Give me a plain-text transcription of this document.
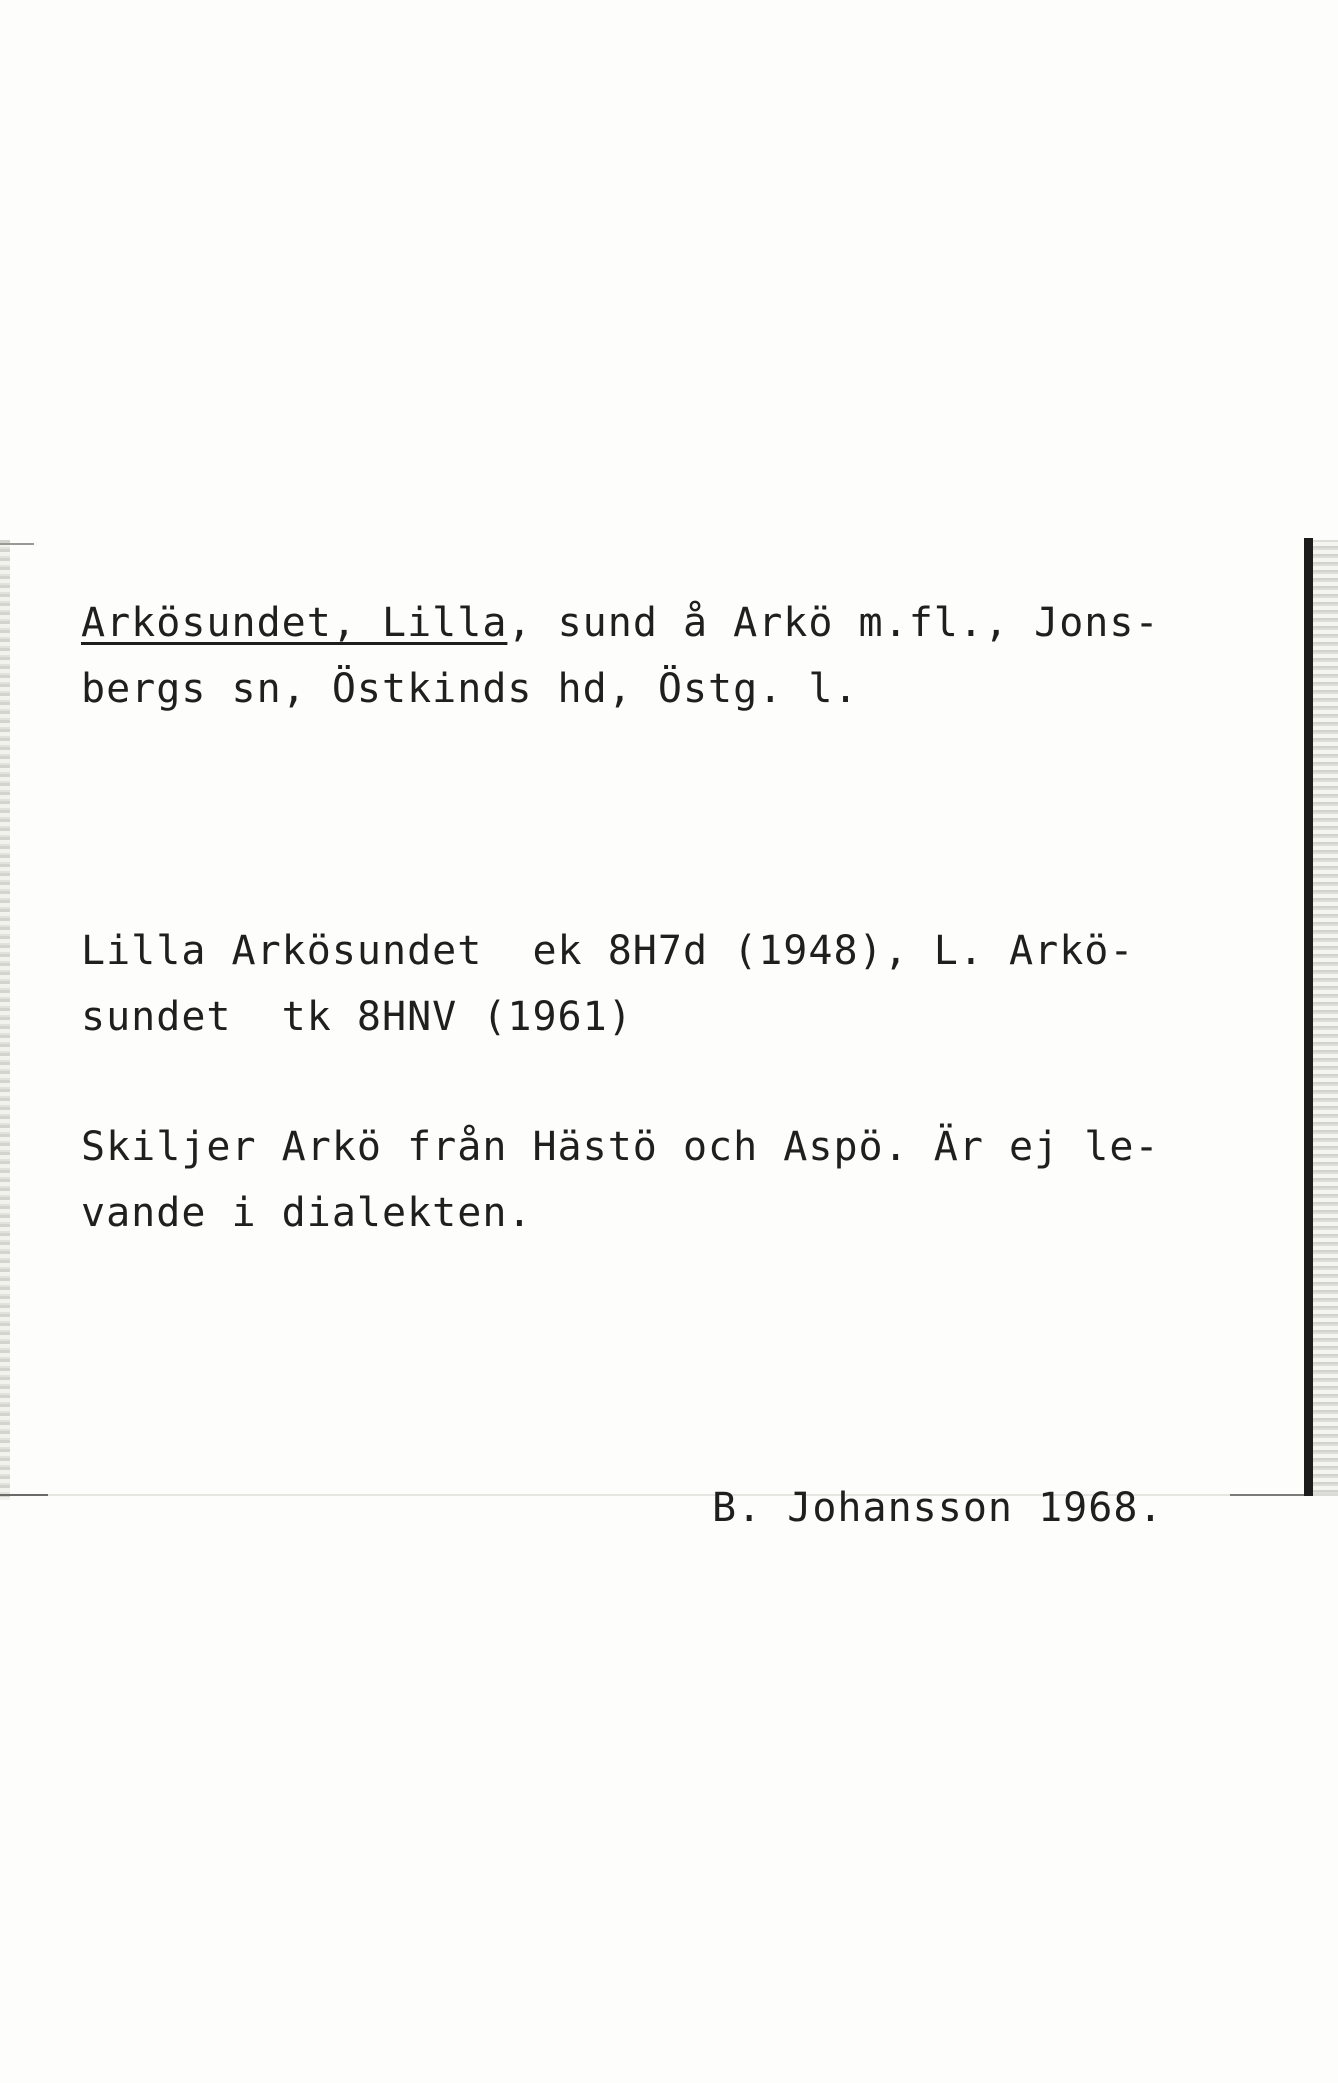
Arkösundet, Lilla, sund å Arkö m.fl., Jons-
bergs sn, Östkinds hd, Östg. l.

Lilla Arkösundet  ek 8H7d (1948), L. Arkö-
sundet  tk 8HNV (1961)

Skiljer Arkö från Hästö och Aspö. Är ej le-
vande i dialekten.

B. Johansson 1968.
